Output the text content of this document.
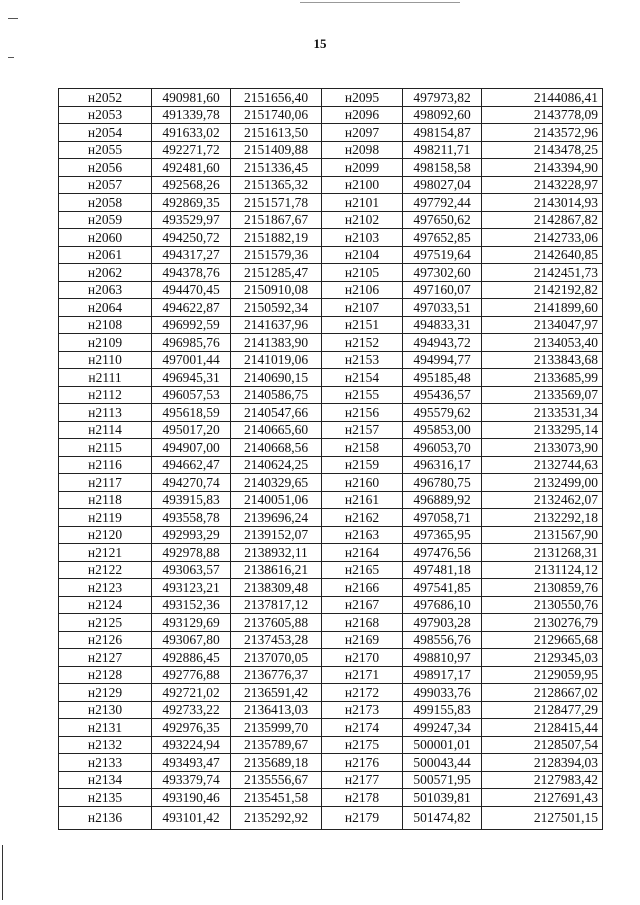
15
н2052	490981,60	2151656,40	н2095	497973,82	2144086,41
н2053	491339,78	2151740,06	н2096	498092,60	2143778,09
н2054	491633,02	2151613,50	н2097	498154,87	2143572,96
н2055	492271,72	2151409,88	н2098	498211,71	2143478,25
н2056	492481,60	2151336,45	н2099	498158,58	2143394,90
н2057	492568,26	2151365,32	н2100	498027,04	2143228,97
н2058	492869,35	2151571,78	н2101	497792,44	2143014,93
н2059	493529,97	2151867,67	н2102	497650,62	2142867,82
н2060	494250,72	2151882,19	н2103	497652,85	2142733,06
н2061	494317,27	2151579,36	н2104	497519,64	2142640,85
н2062	494378,76	2151285,47	н2105	497302,60	2142451,73
н2063	494470,45	2150910,08	н2106	497160,07	2142192,82
н2064	494622,87	2150592,34	н2107	497033,51	2141899,60
н2108	496992,59	2141637,96	н2151	494833,31	2134047,97
н2109	496985,76	2141383,90	н2152	494943,72	2134053,40
н2110	497001,44	2141019,06	н2153	494994,77	2133843,68
н2111	496945,31	2140690,15	н2154	495185,48	2133685,99
н2112	496057,53	2140586,75	н2155	495436,57	2133569,07
н2113	495618,59	2140547,66	н2156	495579,62	2133531,34
н2114	495017,20	2140665,60	н2157	495853,00	2133295,14
н2115	494907,00	2140668,56	н2158	496053,70	2133073,90
н2116	494662,47	2140624,25	н2159	496316,17	2132744,63
н2117	494270,74	2140329,65	н2160	496780,75	2132499,00
н2118	493915,83	2140051,06	н2161	496889,92	2132462,07
н2119	493558,78	2139696,24	н2162	497058,71	2132292,18
н2120	492993,29	2139152,07	н2163	497365,95	2131567,90
н2121	492978,88	2138932,11	н2164	497476,56	2131268,31
н2122	493063,57	2138616,21	н2165	497481,18	2131124,12
н2123	493123,21	2138309,48	н2166	497541,85	2130859,76
н2124	493152,36	2137817,12	н2167	497686,10	2130550,76
н2125	493129,69	2137605,88	н2168	497903,28	2130276,79
н2126	493067,80	2137453,28	н2169	498556,76	2129665,68
н2127	492886,45	2137070,05	н2170	498810,97	2129345,03
н2128	492776,88	2136776,37	н2171	498917,17	2129059,95
н2129	492721,02	2136591,42	н2172	499033,76	2128667,02
н2130	492733,22	2136413,03	н2173	499155,83	2128477,29
н2131	492976,35	2135999,70	н2174	499247,34	2128415,44
н2132	493224,94	2135789,67	н2175	500001,01	2128507,54
н2133	493493,47	2135689,18	н2176	500043,44	2128394,03
н2134	493379,74	2135556,67	н2177	500571,95	2127983,42
н2135	493190,46	2135451,58	н2178	501039,81	2127691,43
н2136	493101,42	2135292,92	н2179	501474,82	2127501,15
